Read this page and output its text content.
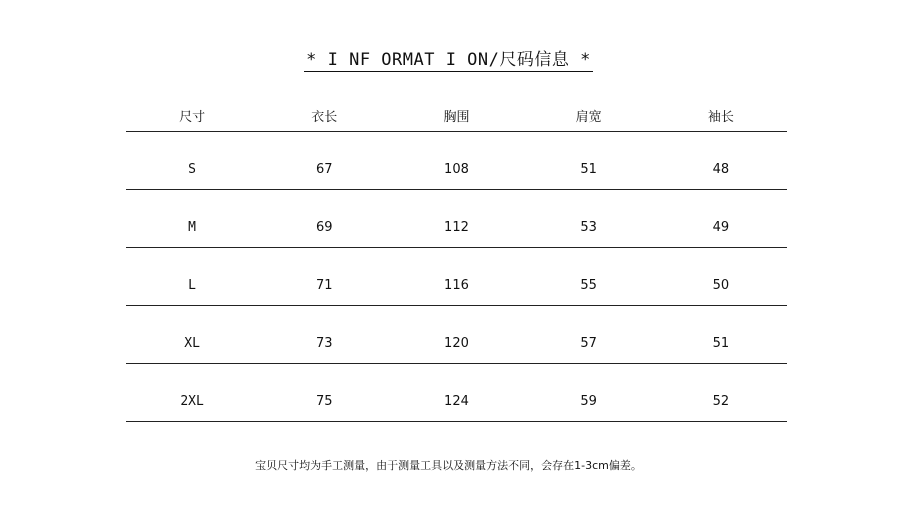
* I NF ORMAT I ON/尺码信息 *
尺寸	衣长	胸围	肩宽	袖长
S	67	108	51	48
M	69	112	53	49
L	71	116	55	50
XL	73	120	57	51
2XL	75	124	59	52
宝贝尺寸均为手工测量，由于测量工具以及测量方法不同，会存在1-3cm偏差。
